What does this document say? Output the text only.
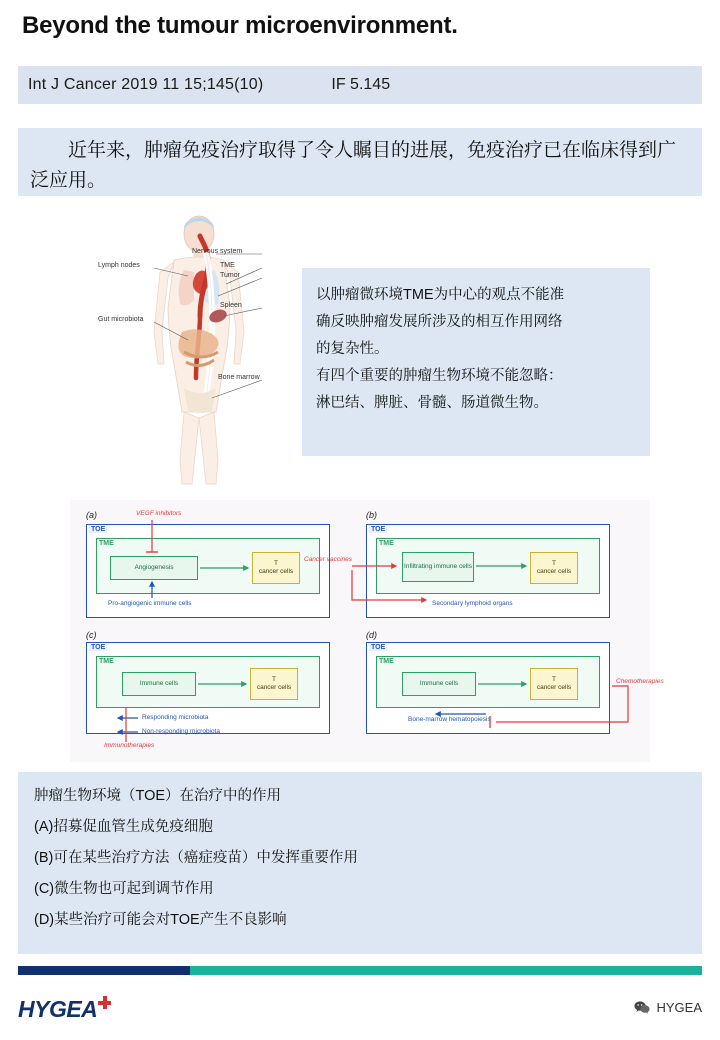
Beyond the tumour microenvironment.
Int J Cancer 2019 11 15;145(10)	IF 5.145
近年来，肿瘤免疫治疗取得了令人瞩目的进展，免疫治疗已在临床得到广泛应用。
Nervous system
TME
Tumor
Spleen
Lymph nodes
Gut microbiota
Bone marrow

以肿瘤微环境TME为中心的观点不能准

确反映肿瘤发展所涉及的相互作用网络

的复杂性。

有四个重要的肿瘤生物环境不能忽略：

淋巴结、脾脏、骨髓、肠道微生物。

(a)	VEGF inhibitors
TOE
TME
Angiogenesis
T
cancer cells
Pro-angiogenic immune cells
(b)
TOE
TME
Infiltrating immune cells	T
cancer cells
Secondary lymphoid organs
Cancer vaccines
(c)
TOE
TME
Immune cells
T
cancer cells
Responding microbiota
Non-responding microbiota
Immunotherapies
(d)
TOE
TME
Immune cells
T
cancer cells
Bone-marrow hematopoiesis
Chemotherapies

肿瘤生物环境（TOE）在治疗中的作用

(A)招募促血管生成免疫细胞

(B)可在某些治疗方法（癌症疫苗）中发挥重要作用

(C)微生物也可起到调节作用

(D)某些治疗可能会对TOE产生不良影响

HYGEA	HYGEA
